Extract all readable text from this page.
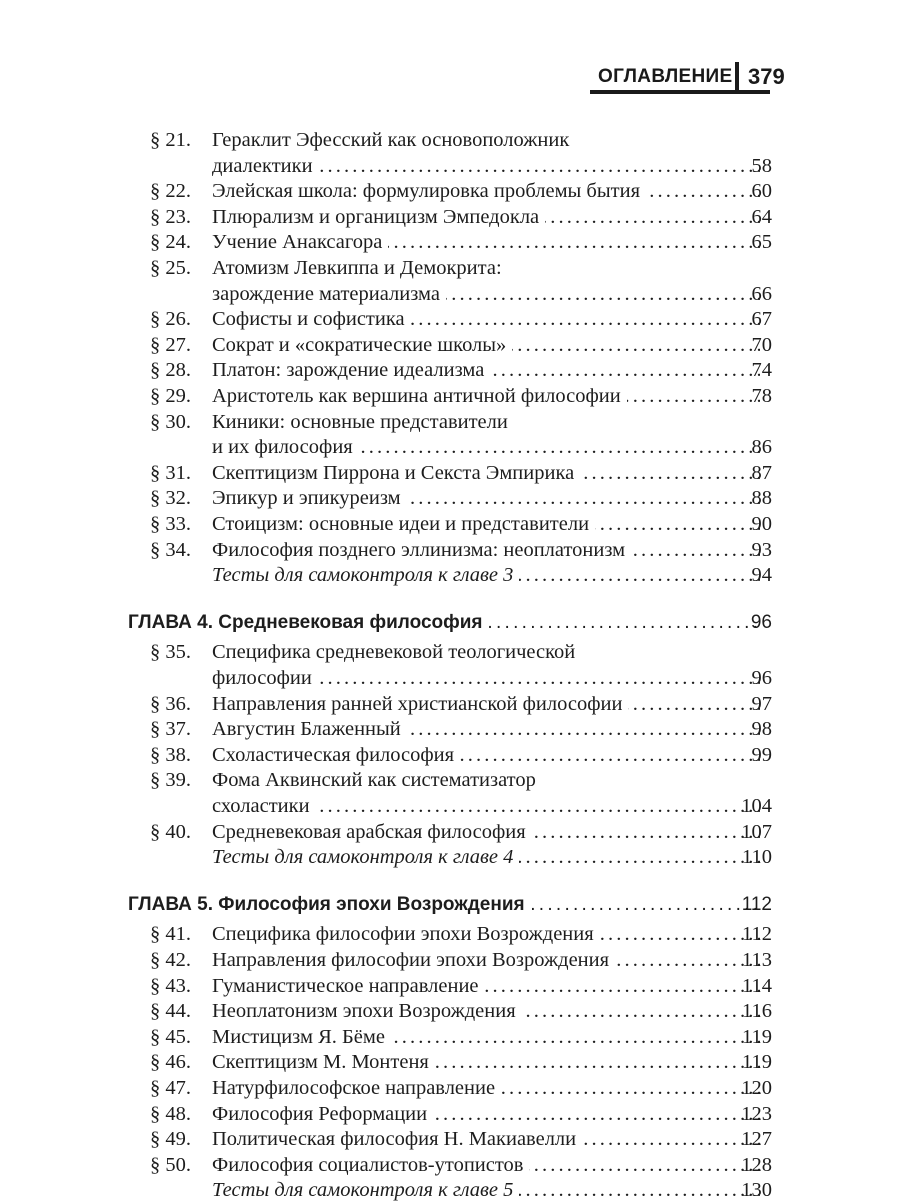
ОГЛАВЛЕНИЕ 379
§ 21. Гераклит Эфесский как основоположник
диалектики . . .	58
§ 22. Элейская школа: формулировка проблемы бытия . . .	60
§ 23. Плюрализм и органицизм Эмпедокла . . .	64
§ 24. Учение Анаксагора . . .	65
§ 25. Атомизм Левкиппа и Демокрита:
зарождение материализма . . .	66
§ 26. Софисты и софистика . . .	67
§ 27. Сократ и «сократические школы» . . .	70
§ 28. Платон: зарождение идеализма . . .	74
§ 29. Аристотель как вершина античной философии . . .	78
§ 30. Киники: основные представители
и их философия . . .	86
§ 31. Скептицизм Пиррона и Секста Эмпирика . . .	87
§ 32. Эпикур и эпикуреизм . . .	88
§ 33. Стоицизм: основные идеи и представители . . .	90
§ 34. Философия позднего эллинизма: неоплатонизм . . .	93
Тесты для самоконтроля к главе 3 . . .	94
ГЛАВА 4. Средневековая философия . . .	96
§ 35. Специфика средневековой теологической
философии . . .	96
§ 36. Направления ранней христианской философии . . .	97
§ 37. Августин Блаженный . . .	98
§ 38. Схоластическая философия . . .	99
§ 39. Фома Аквинский как систематизатор
схоластики . . .	104
§ 40. Средневековая арабская философия . . .	107
Тесты для самоконтроля к главе 4 . . .	110
ГЛАВА 5. Философия эпохи Возрождения . . .	112
§ 41. Специфика философии эпохи Возрождения . . .	112
§ 42. Направления философии эпохи Возрождения . . .	113
§ 43. Гуманистическое направление . . .	114
§ 44. Неоплатонизм эпохи Возрождения . . .	116
§ 45. Мистицизм Я. Бёме . . .	119
§ 46. Скептицизм М. Монтеня . . .	119
§ 47. Натурфилософское направление . . .	120
§ 48. Философия Реформации . . .	123
§ 49. Политическая философия Н. Макиавелли . . .	127
§ 50. Философия социалистов-утопистов . . .	128
Тесты для самоконтроля к главе 5 . . .	130
